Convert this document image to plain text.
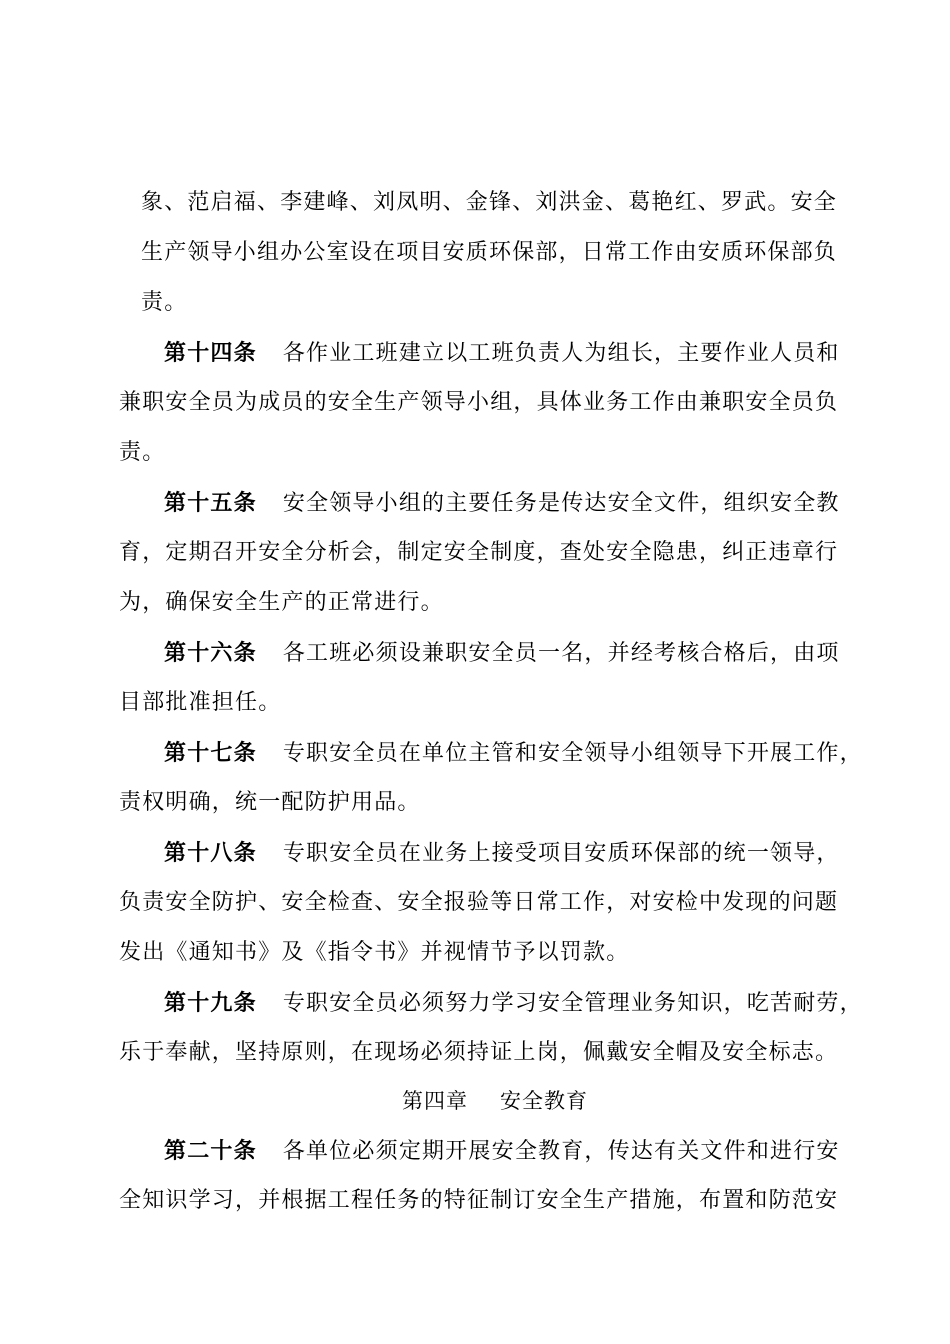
象、范启福、李建峰、刘凤明、金锋、刘洪金、葛艳红、罗武。安全
生产领导小组办公室设在项目安质环保部，日常工作由安质环保部负
责。
第十四条 各作业工班建立以工班负责人为组长，主要作业人员和
兼职安全员为成员的安全生产领导小组，具体业务工作由兼职安全员负
责。
第十五条 安全领导小组的主要任务是传达安全文件，组织安全教
育，定期召开安全分析会，制定安全制度，查处安全隐患，纠正违章行
为，确保安全生产的正常进行。
第十六条 各工班必须设兼职安全员一名，并经考核合格后，由项
目部批准担任。
第十七条 专职安全员在单位主管和安全领导小组领导下开展工作，
责权明确，统一配防护用品。
第十八条 专职安全员在业务上接受项目安质环保部的统一领导，
负责安全防护、安全检查、安全报验等日常工作，对安检中发现的问题
发出《通知书》及《指令书》并视情节予以罚款。
第十九条 专职安全员必须努力学习安全管理业务知识，吃苦耐劳，
乐于奉献，坚持原则，在现场必须持证上岗，佩戴安全帽及安全标志。
第四章 安全教育
第二十条 各单位必须定期开展安全教育，传达有关文件和进行安
全知识学习，并根据工程任务的特征制订安全生产措施，布置和防范安
